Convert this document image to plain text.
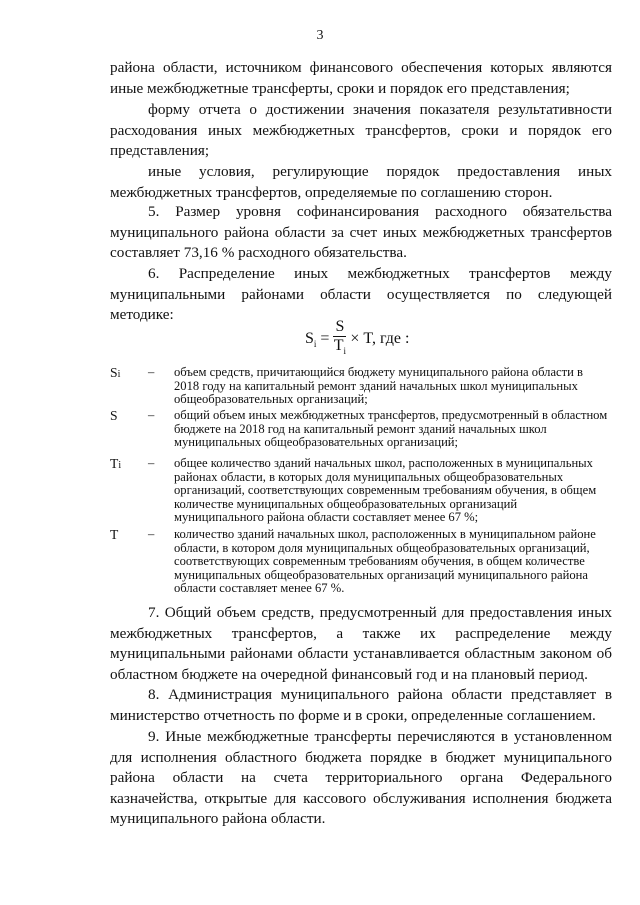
3

района области, источником финансового обеспечения которых являются иные межбюджетные трансферты, сроки и порядок его представления;

форму отчета о достижении значения показателя результативности расходования иных межбюджетных трансфертов, сроки и порядок его представления;

иные условия, регулирующие порядок предоставления иных межбюджетных трансфертов, определяемые по соглашению сторон.

5. Размер уровня софинансирования расходного обязательства муниципального района области за счет иных межбюджетных трансфертов составляет 73,16 % расходного обязательства.

6. Распределение иных межбюджетных трансфертов между муниципальными районами области осуществляется по следующей методике:

$S_i = \frac{S}{T_i} \times T$, где :
Si	– объем средств, причитающийся бюджету муниципального района области в 2018 году на капитальный ремонт зданий начальных школ муниципальных общеобразовательных организаций;
S	– общий объем иных межбюджетных трансфертов, предусмотренный в областном бюджете на 2018 год на капитальный ремонт зданий начальных школ муниципальных общеобразовательных организаций;
Ti	– общее количество зданий начальных школ, расположенных в муниципальных районах области, в которых доля муниципальных общеобразовательных организаций, соответствующих современным требованиям обучения, в общем количестве муниципальных общеобразовательных организаций муниципального района области составляет менее 67 %;
T	– количество зданий начальных школ, расположенных в муниципальном районе области, в котором доля муниципальных общеобразовательных организаций, соответствующих современным требованиям обучения, в общем количестве муниципальных общеобразовательных организаций муниципального района области составляет менее 67 %.

7. Общий объем средств, предусмотренный для предоставления иных межбюджетных трансфертов, а также их распределение между муниципальными районами области устанавливается областным законом об областном бюджете на очередной финансовый год и на плановый период.

8. Администрация муниципального района области представляет в министерство отчетность по форме и в сроки, определенные соглашением.

9. Иные межбюджетные трансферты перечисляются в установленном для исполнения областного бюджета порядке в бюджет муниципального района области на счета территориального органа Федерального казначейства, открытые для кассового обслуживания исполнения бюджета муниципального района области.
